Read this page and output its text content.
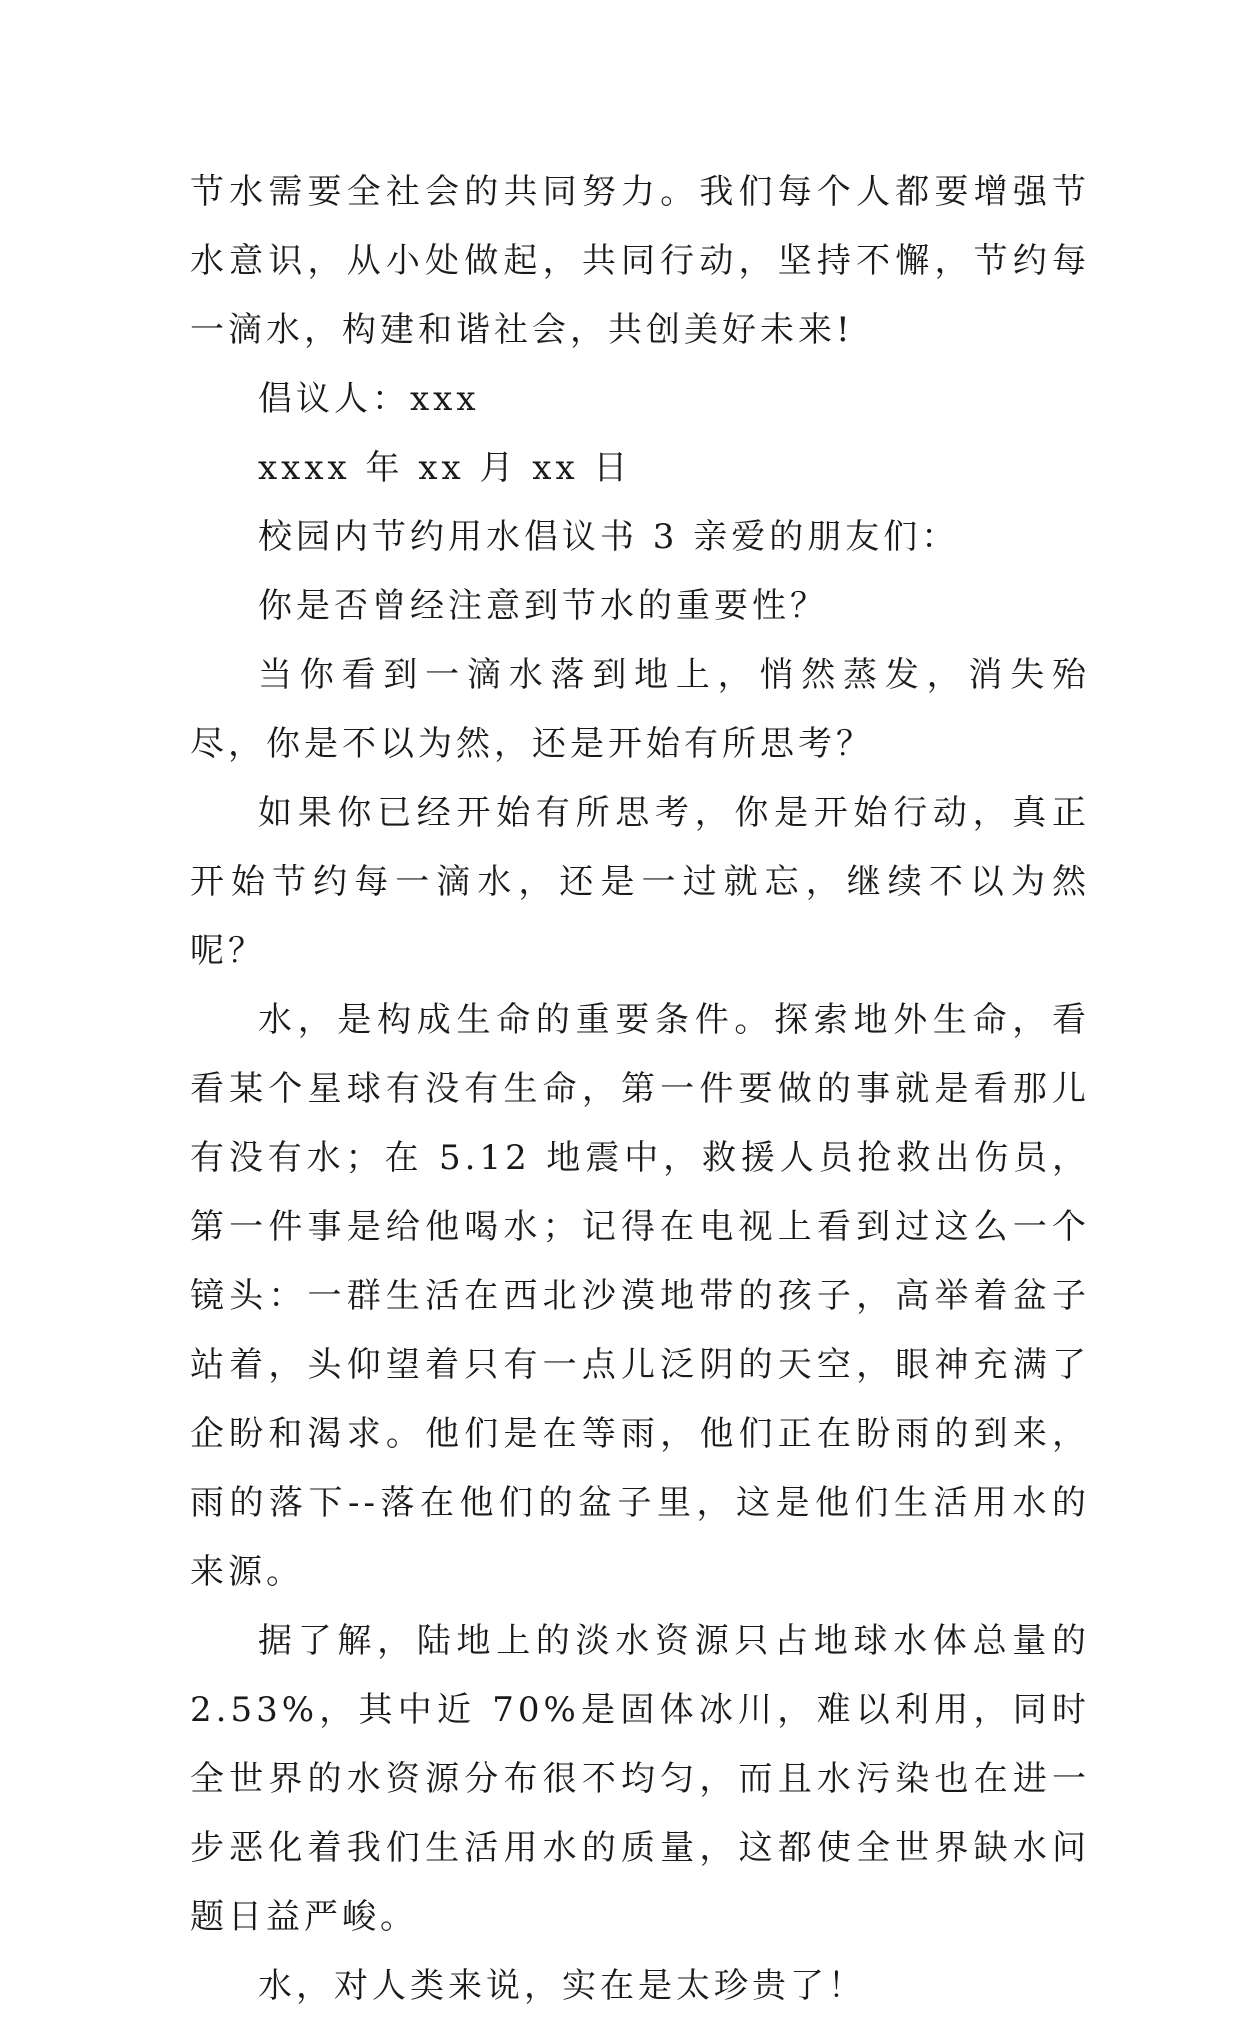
节水需要全社会的共同努力。我们每个人都要增强节水意识，从小处做起，共同行动，坚持不懈，节约每一滴水，构建和谐社会，共创美好未来!

倡议人：xxx

xxxx 年 xx 月 xx 日

校园内节约用水倡议书 3 亲爱的朋友们：

你是否曾经注意到节水的重要性？

当你看到一滴水落到地上，悄然蒸发，消失殆尽，你是不以为然，还是开始有所思考？

如果你已经开始有所思考，你是开始行动，真正开始节约每一滴水，还是一过就忘，继续不以为然呢？

水，是构成生命的重要条件。探索地外生命，看看某个星球有没有生命，第一件要做的事就是看那儿有没有水；在 5.12 地震中，救援人员抢救出伤员，第一件事是给他喝水；记得在电视上看到过这么一个镜头：一群生活在西北沙漠地带的孩子，高举着盆子站着，头仰望着只有一点儿泛阴的天空，眼神充满了企盼和渴求。他们是在等雨，他们正在盼雨的到来，雨的落下--落在他们的盆子里，这是他们生活用水的来源。

据了解，陆地上的淡水资源只占地球水体总量的 2.53%，其中近 70%是固体冰川，难以利用，同时全世界的水资源分布很不均匀，而且水污染也在进一步恶化着我们生活用水的质量，这都使全世界缺水问题日益严峻。

水，对人类来说，实在是太珍贵了！
